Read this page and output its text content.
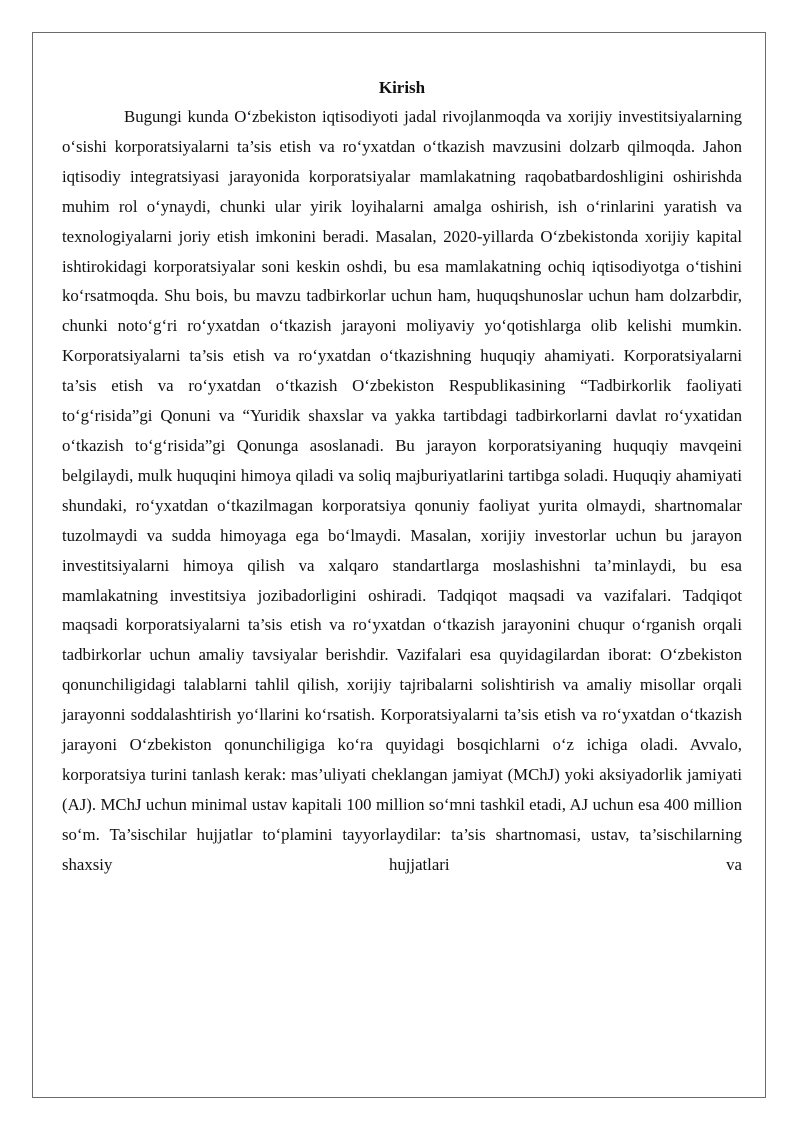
Kirish

Bugungi kunda O‘zbekiston iqtisodiyoti jadal rivojlanmoqda va xorijiy investitsiyalarning o‘sishi korporatsiyalarni ta’sis etish va ro‘yxatdan o‘tkazish mavzusini dolzarb qilmoqda. Jahon iqtisodiy integratsiyasi jarayonida korporatsiyalar mamlakatning raqobatbardoshligini oshirishda muhim rol o‘ynaydi, chunki ular yirik loyihalarni amalga oshirish, ish o‘rinlarini yaratish va texnologiyalarni joriy etish imkonini beradi. Masalan, 2020-yillarda O‘zbekistonda xorijiy kapital ishtirokidagi korporatsiyalar soni keskin oshdi, bu esa mamlakatning ochiq iqtisodiyotga o‘tishini ko‘rsatmoqda. Shu bois, bu mavzu tadbirkorlar uchun ham, huquqshunoslar uchun ham dolzarbdir, chunki noto‘g‘ri ro‘yxatdan o‘tkazish jarayoni moliyaviy yo‘qotishlarga olib kelishi mumkin. Korporatsiyalarni ta’sis etish va ro‘yxatdan o‘tkazishning huquqiy ahamiyati. Korporatsiyalarni ta’sis etish va ro‘yxatdan o‘tkazish O‘zbekiston Respublikasining “Tadbirkorlik faoliyati to‘g‘risida”gi Qonuni va “Yuridik shaxslar va yakka tartibdagi tadbirkorlarni davlat ro‘yxatidan o‘tkazish to‘g‘risida”gi Qonunga asoslanadi. Bu jarayon korporatsiyaning huquqiy mavqeini belgilaydi, mulk huquqini himoya qiladi va soliq majburiyatlarini tartibga soladi. Huquqiy ahamiyati shundaki, ro‘yxatdan o‘tkazilmagan korporatsiya qonuniy faoliyat yurita olmaydi, shartnomalar tuzolmaydi va sudda himoyaga ega bo‘lmaydi. Masalan, xorijiy investorlar uchun bu jarayon investitsiyalarni himoya qilish va xalqaro standartlarga moslashishni ta’minlaydi, bu esa mamlakatning investitsiya jozibadorligini oshiradi. Tadqiqot maqsadi va vazifalari. Tadqiqot maqsadi korporatsiyalarni ta’sis etish va ro‘yxatdan o‘tkazish jarayonini chuqur o‘rganish orqali tadbirkorlar uchun amaliy tavsiyalar berishdir. Vazifalari esa quyidagilardan iborat: O‘zbekiston qonunchiligidagi talablarni tahlil qilish, xorijiy tajribalarni solishtirish va amaliy misollar orqali jarayonni soddalashtirish yo‘llarini ko‘rsatish. Korporatsiyalarni ta’sis etish va ro‘yxatdan o‘tkazish jarayoni O‘zbekiston qonunchiligiga ko‘ra quyidagi bosqichlarni o‘z ichiga oladi. Avvalo, korporatsiya turini tanlash kerak: mas’uliyati cheklangan jamiyat (MChJ) yoki aksiyadorlik jamiyati (AJ). MChJ uchun minimal ustav kapitali 100 million so‘mni tashkil etadi, AJ uchun esa 400 million so‘m. Ta’sischilar hujjatlar to‘plamini tayyorlaydilar: ta’sis shartnomasi, ustav, ta’sischilarning shaxsiy hujjatlari va
